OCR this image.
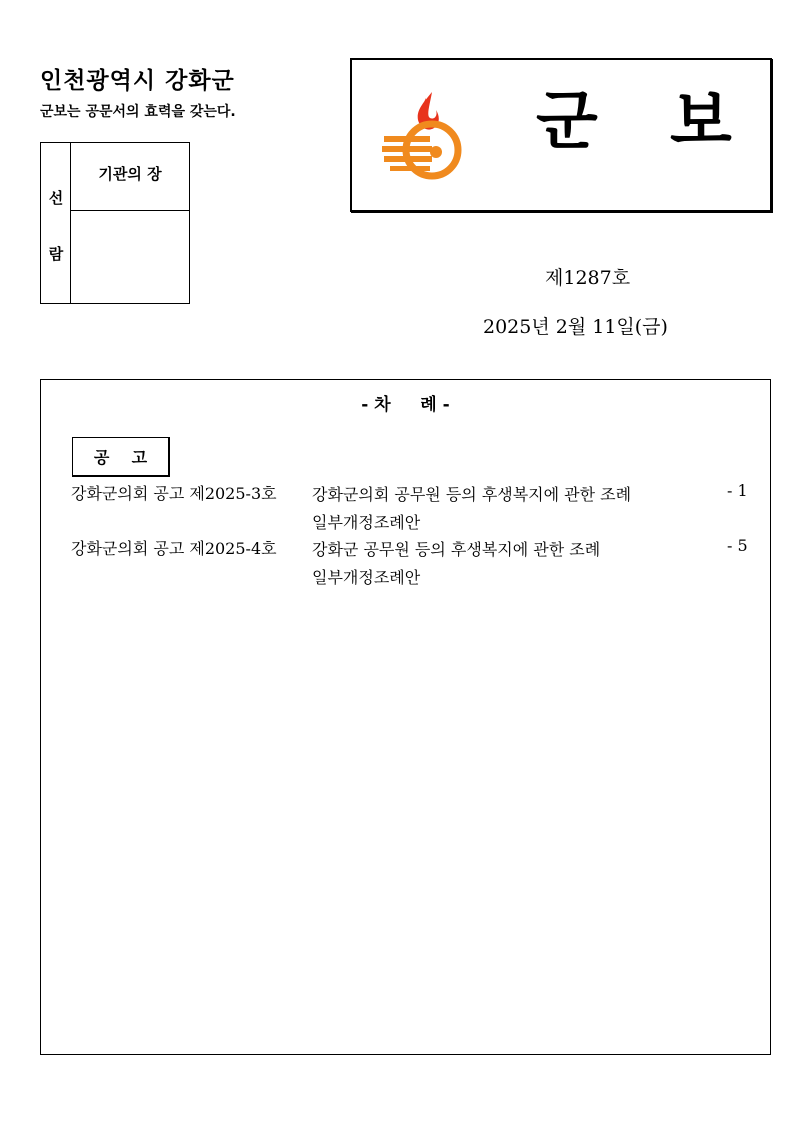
인천광역시 강화군
군보는 공문서의 효력을 갖는다.
선
람
기관의 장
군 보
제1287호
2025년 2월 11일(금)
- 차     례 -
공    고
강화군의회 공고 제2025-3호 강화군의회 공무원 등의 후생복지에 관한 조례
일부개정조례안
- 1
강화군의회 공고 제2025-4호 강화군 공무원 등의 후생복지에 관한 조례
일부개정조례안
- 5
